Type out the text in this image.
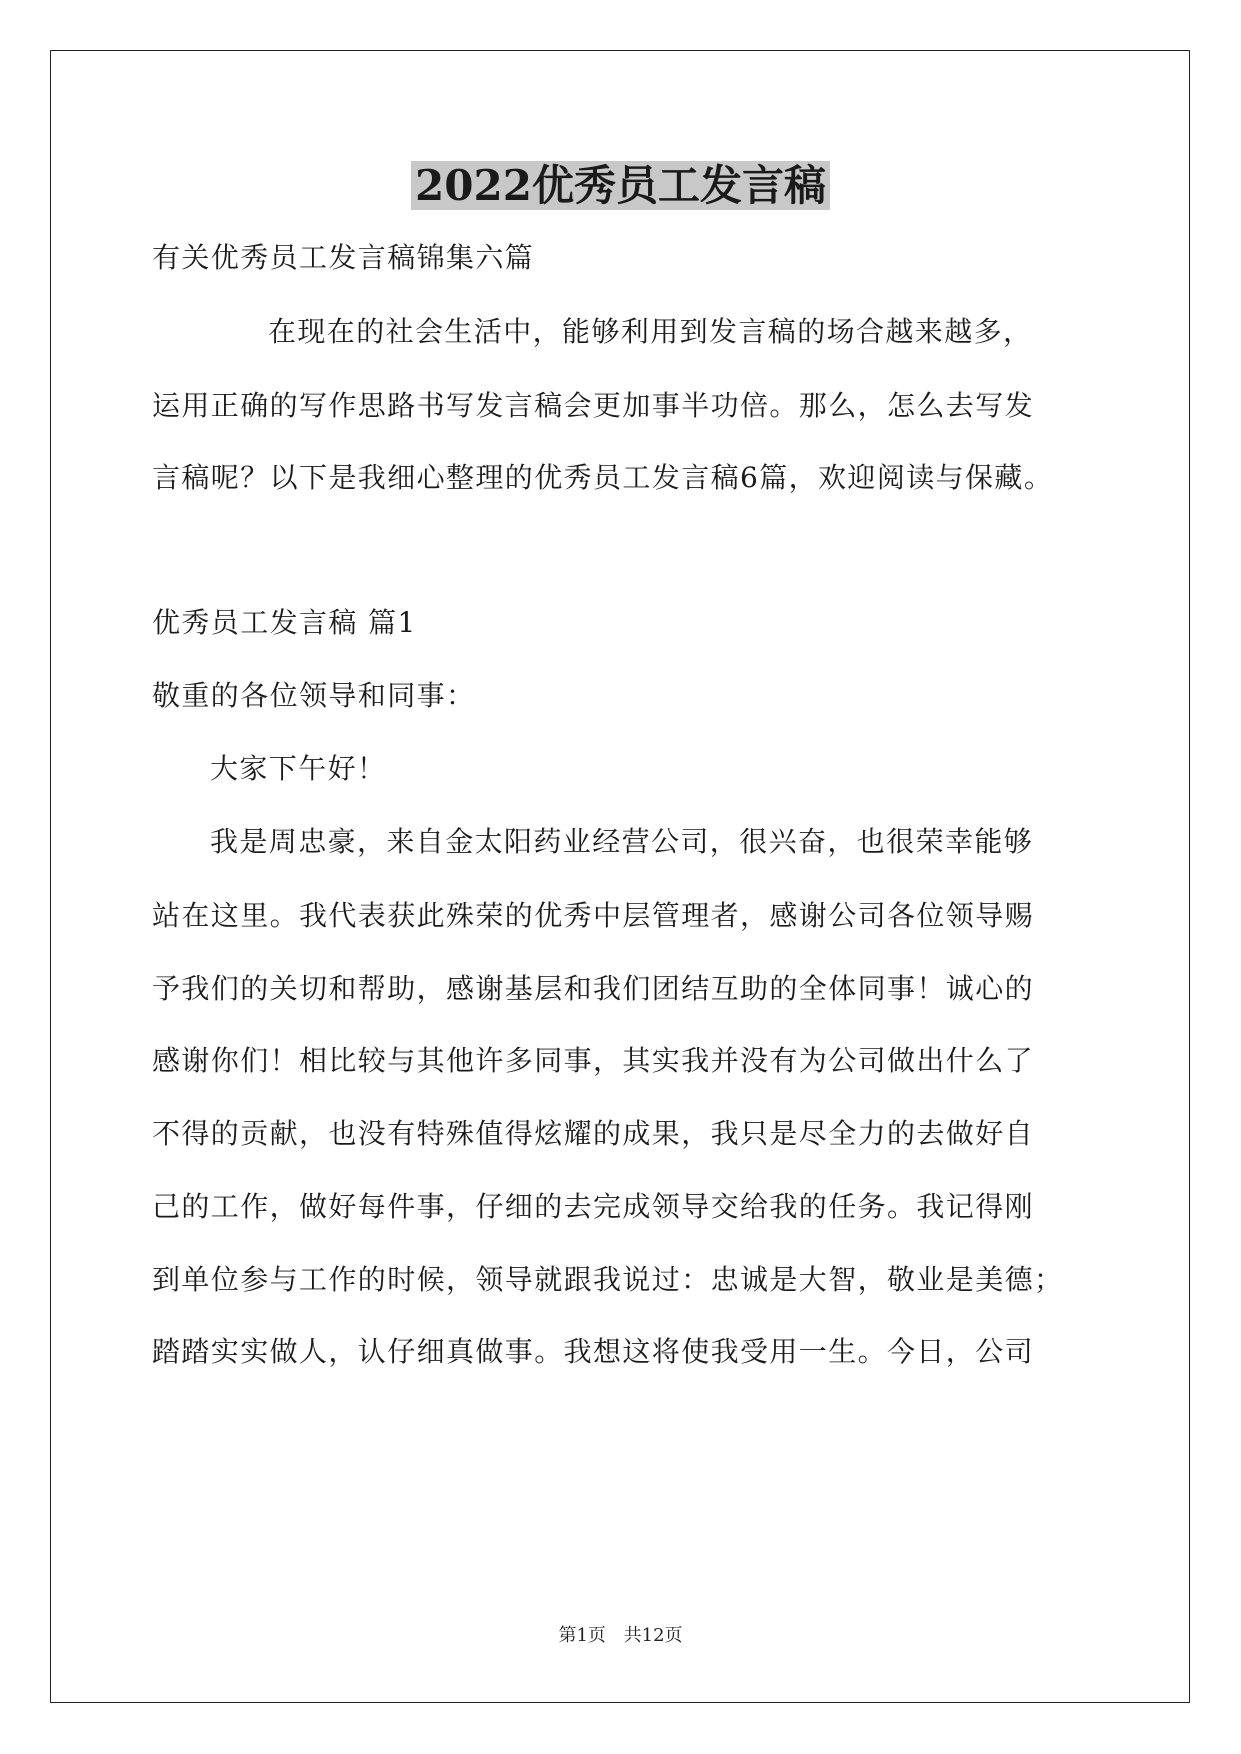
2022优秀员工发言稿
有关优秀员工发言稿锦集六篇
在现在的社会生活中，能够利用到发言稿的场合越来越多，
运用正确的写作思路书写发言稿会更加事半功倍。那么，怎么去写发
言稿呢？以下是我细心整理的优秀员工发言稿6篇，欢迎阅读与保藏。
优秀员工发言稿 篇1
敬重的各位领导和同事：
大家下午好！
我是周忠豪，来自金太阳药业经营公司，很兴奋，也很荣幸能够
站在这里。我代表获此殊荣的优秀中层管理者，感谢公司各位领导赐
予我们的关切和帮助，感谢基层和我们团结互助的全体同事！诚心的
感谢你们！相比较与其他许多同事，其实我并没有为公司做出什么了
不得的贡献，也没有特殊值得炫耀的成果，我只是尽全力的去做好自
己的工作，做好每件事，仔细的去完成领导交给我的任务。我记得刚
到单位参与工作的时候，领导就跟我说过：忠诚是大智，敬业是美德；
踏踏实实做人，认仔细真做事。我想这将使我受用一生。今日，公司
第1页 共12页
